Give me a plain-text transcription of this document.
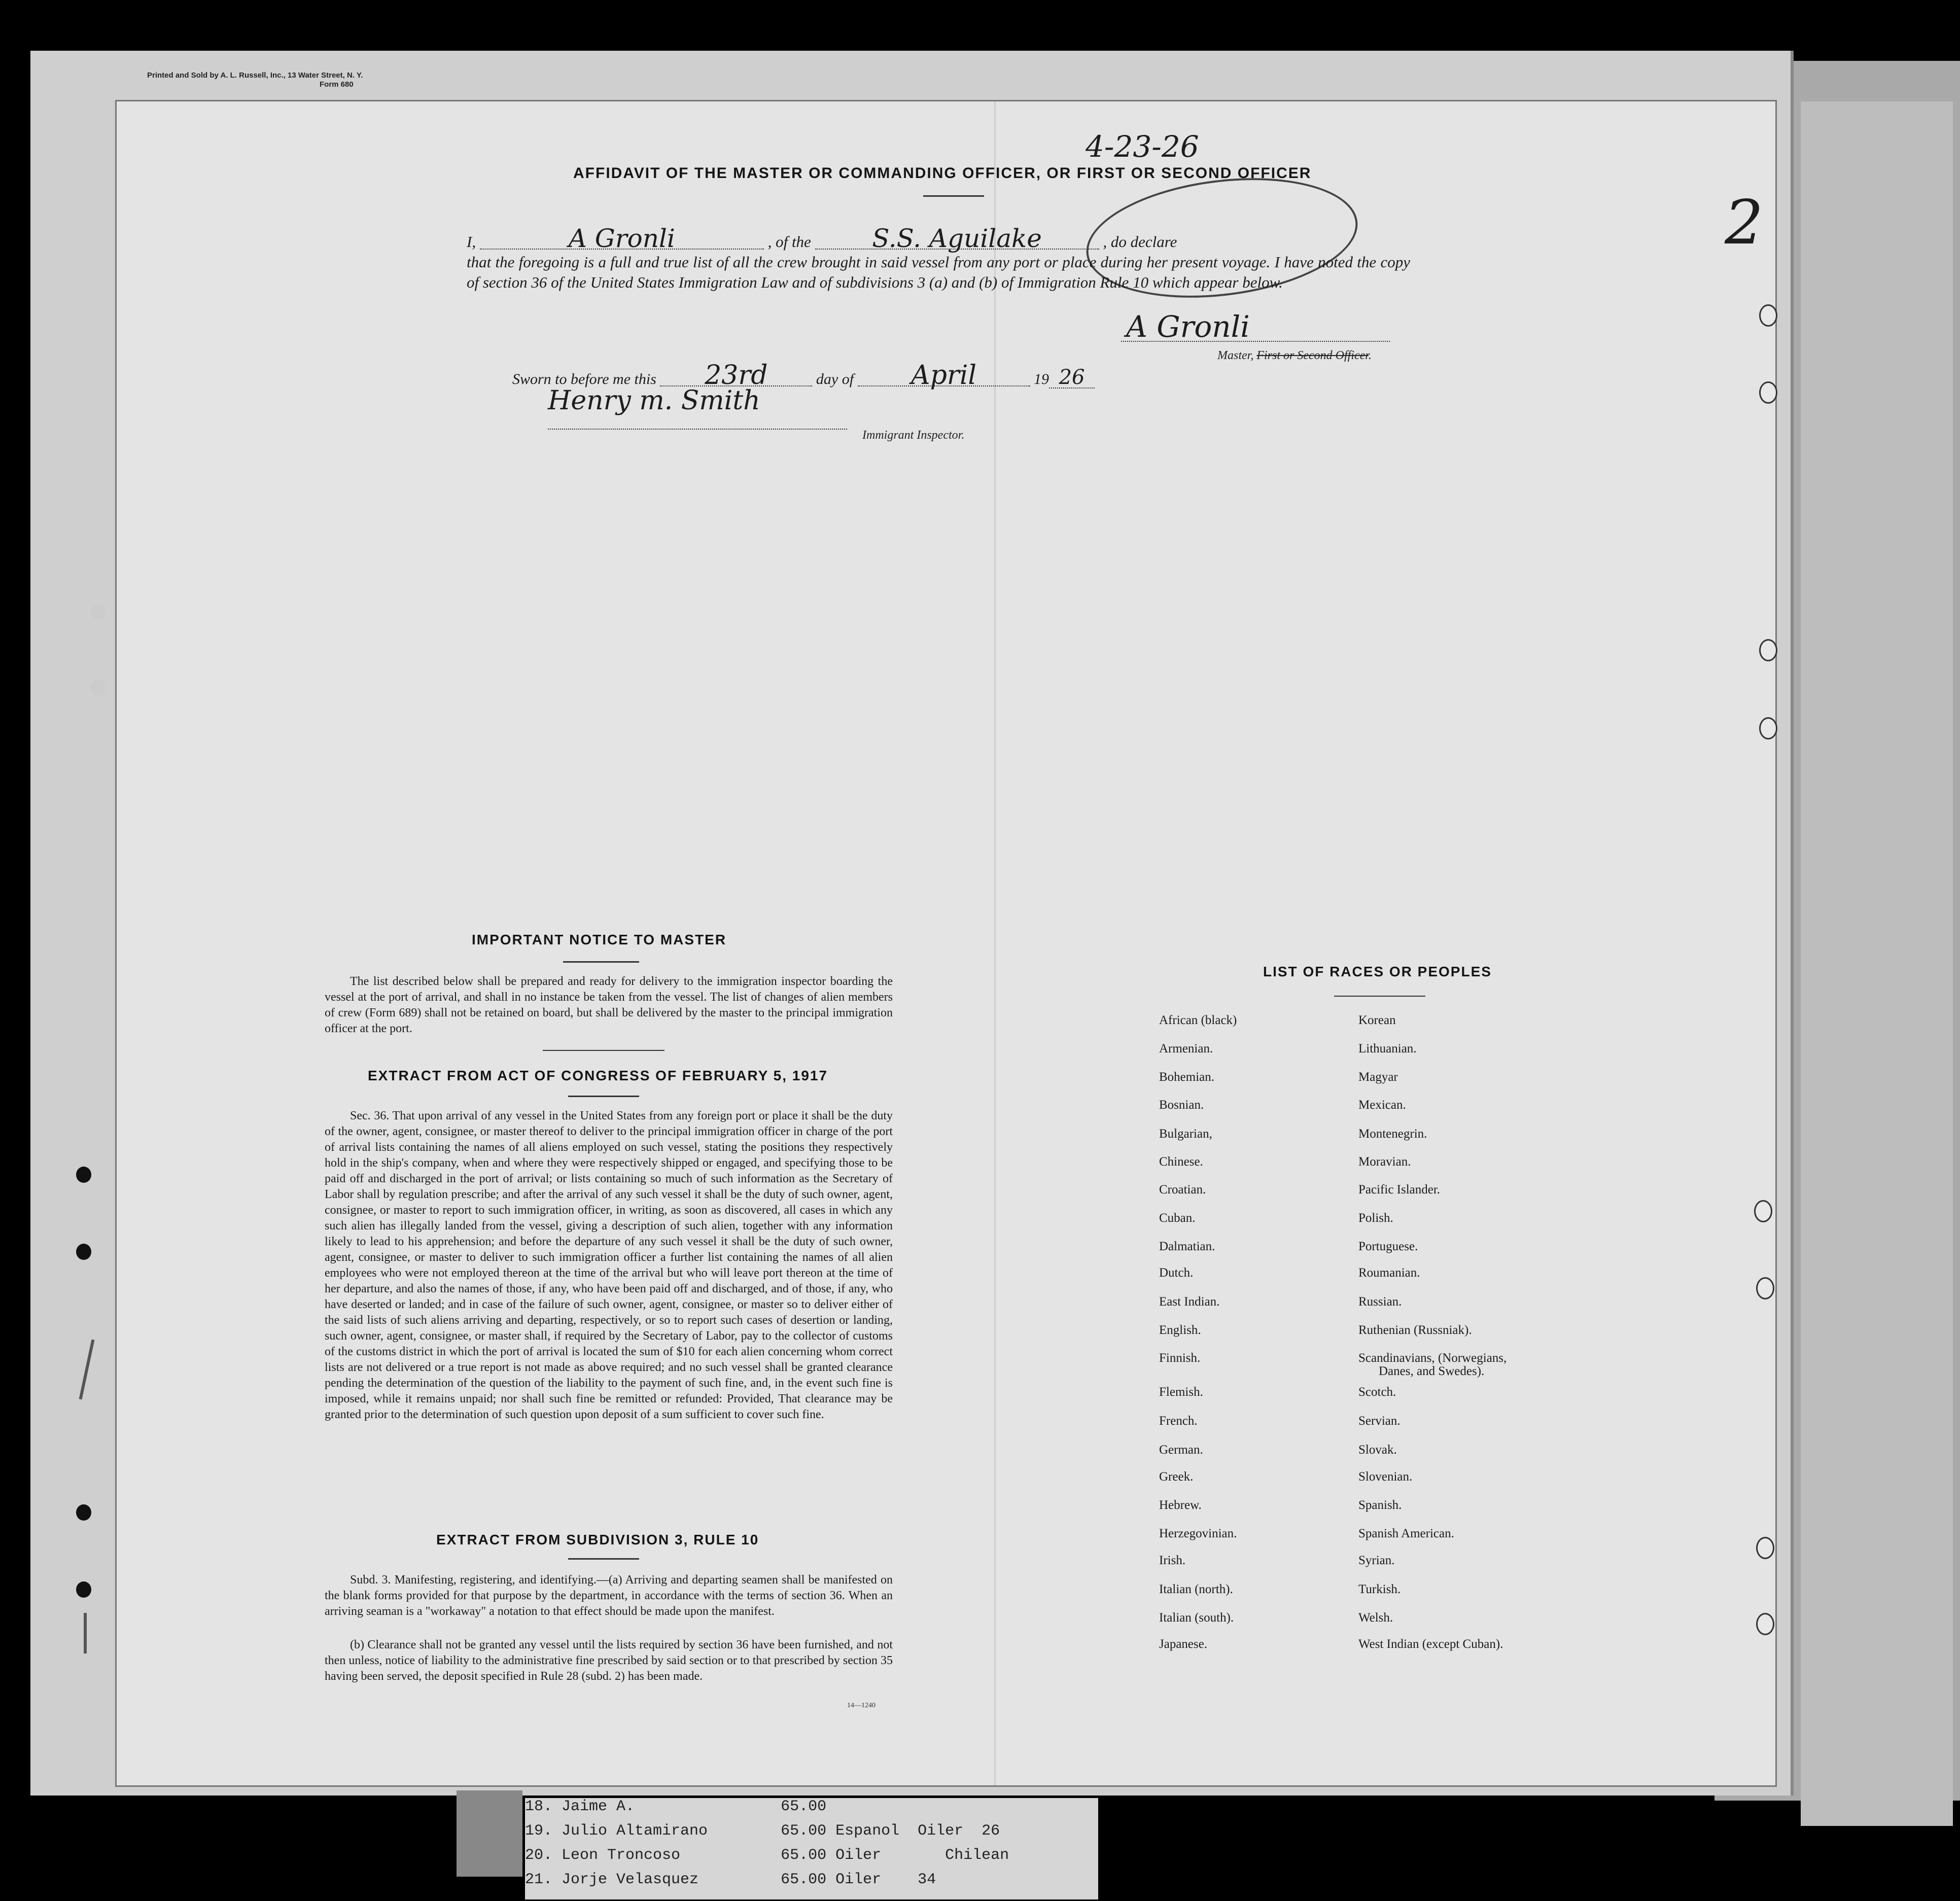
Printed and Sold by A. L. Russell, Inc., 13 Water Street, N. Y.
Form 680
4-23-26
2
AFFIDAVIT OF THE MASTER OR COMMANDING OFFICER, OR FIRST OR SECOND OFFICER
I,	A Gronli	, of the S.S. Aguilake	, do declare
that the foregoing is a full and true list of all the crew brought in said vessel from any port or place during her present voyage. I have noted the copy of section 36 of the United States Immigration Law and of subdivisions 3 (a) and (b) of Immigration Rule 10 which appear below.
A Gronli
Master, First or Second Officer.
Sworn to before me this 23rd	day of April	19 26
Henry m. Smith
Immigrant Inspector.
IMPORTANT NOTICE TO MASTER
The list described below shall be prepared and ready for delivery to the immigration inspector boarding the vessel at the port of arrival, and shall in no instance be taken from the vessel. The list of changes of alien members of crew (Form 689) shall not be retained on board, but shall be delivered by the master to the principal immigration officer at the port.
EXTRACT FROM ACT OF CONGRESS OF FEBRUARY 5, 1917
Sec. 36. That upon arrival of any vessel in the United States from any foreign port or place it shall be the duty of the owner, agent, consignee, or master thereof to deliver to the principal immigration officer in charge of the port of arrival lists containing the names of all aliens employed on such vessel, stating the positions they respectively hold in the ship's company, when and where they were respectively shipped or engaged, and specifying those to be paid off and discharged in the port of arrival; or lists containing so much of such information as the Secretary of Labor shall by regulation prescribe; and after the arrival of any such vessel it shall be the duty of such owner, agent, consignee, or master to report to such immigration officer, in writing, as soon as discovered, all cases in which any such alien has illegally landed from the vessel, giving a description of such alien, together with any information likely to lead to his apprehension; and before the departure of any such vessel it shall be the duty of such owner, agent, consignee, or master to deliver to such immigration officer a further list containing the names of all alien employees who were not employed thereon at the time of the arrival but who will leave port thereon at the time of her departure, and also the names of those, if any, who have been paid off and discharged, and of those, if any, who have deserted or landed; and in case of the failure of such owner, agent, consignee, or master so to deliver either of the said lists of such aliens arriving and departing, respectively, or so to report such cases of desertion or landing, such owner, agent, consignee, or master shall, if required by the Secretary of Labor, pay to the collector of customs of the customs district in which the port of arrival is located the sum of $10 for each alien concerning whom correct lists are not delivered or a true report is not made as above required; and no such vessel shall be granted clearance pending the determination of the question of the liability to the payment of such fine, and, in the event such fine is imposed, while it remains unpaid; nor shall such fine be remitted or refunded: Provided, That clearance may be granted prior to the determination of such question upon deposit of a sum sufficient to cover such fine.
EXTRACT FROM SUBDIVISION 3, RULE 10
Subd. 3. Manifesting, registering, and identifying.—(a) Arriving and departing seamen shall be manifested on the blank forms provided for that purpose by the department, in accordance with the terms of section 36. When an arriving seaman is a "workaway" a notation to that effect should be made upon the manifest.
(b) Clearance shall not be granted any vessel until the lists required by section 36 have been furnished, and not then unless, notice of liability to the administrative fine prescribed by said section or to that prescribed by section 35 having been served, the deposit specified in Rule 28 (subd. 2) has been made.
14—1240
LIST OF RACES OR PEOPLES
African (black)
Armenian.
Bohemian.
Bosnian.
Bulgarian,
Chinese.
Croatian.
Cuban.
Dalmatian.
Dutch.
East Indian.
English.
Finnish.
Flemish.
French.
German.
Greek.
Hebrew.
Herzegovinian.
Irish.
Italian (north).
Italian (south).
Japanese.
Korean
Lithuanian.
Magyar
Mexican.
Montenegrin.
Moravian.
Pacific Islander.
Polish.
Portuguese.
Roumanian.
Russian.
Ruthenian (Russniak).
Scandinavians, (Norwegians,
Danes, and Swedes).
Scotch.
Servian.
Slovak.
Slovenian.
Spanish.
Spanish American.
Syrian.
Turkish.
Welsh.
West Indian (except Cuban).
18. Jaime A.                65.00
19. Julio Altamirano        65.00 Espanol  Oiler  26
20. Leon Troncoso           65.00 Oiler       Chilean
21. Jorje Velasquez         65.00 Oiler    34
